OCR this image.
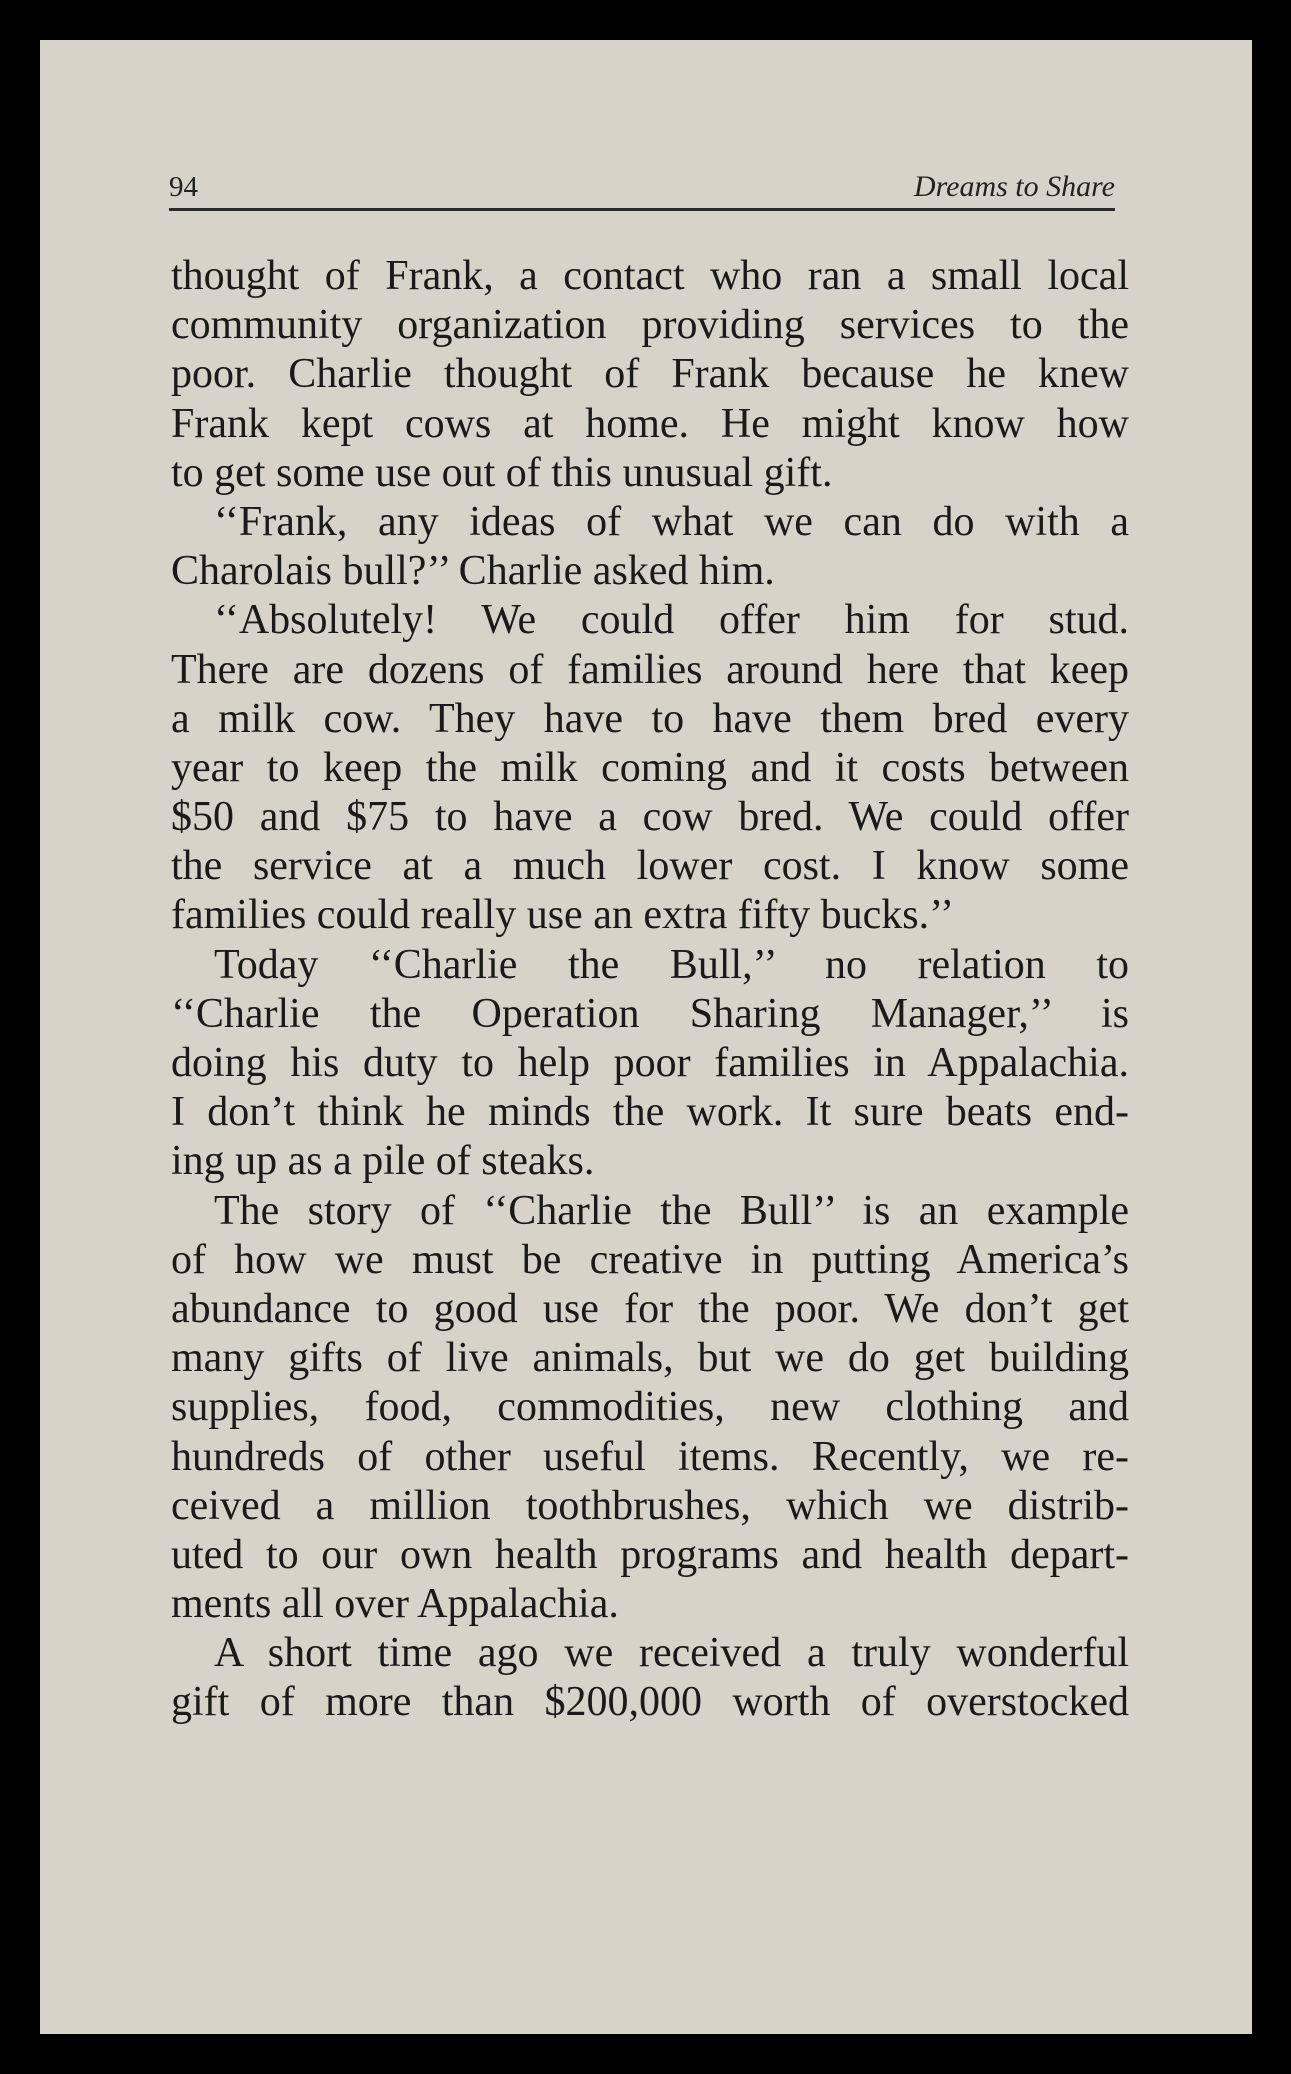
94	Dreams to Share
thought of Frank, a contact who ran a small local
community organization providing services to the
poor. Charlie thought of Frank because he knew
Frank kept cows at home. He might know how
to get some use out of this unusual gift.
‘‘Frank, any ideas of what we can do with a
Charolais bull?’’ Charlie asked him.
‘‘Absolutely! We could offer him for stud.
There are dozens of families around here that keep
a milk cow. They have to have them bred every
year to keep the milk coming and it costs between
$50 and $75 to have a cow bred. We could offer
the service at a much lower cost. I know some
families could really use an extra fifty bucks.’’
Today ‘‘Charlie the Bull,’’ no relation to
‘‘Charlie the Operation Sharing Manager,’’ is
doing his duty to help poor families in Appalachia.
I don’t think he minds the work. It sure beats end-
ing up as a pile of steaks.
The story of ‘‘Charlie the Bull’’ is an example
of how we must be creative in putting America’s
abundance to good use for the poor. We don’t get
many gifts of live animals, but we do get building
supplies, food, commodities, new clothing and
hundreds of other useful items. Recently, we re-
ceived a million toothbrushes, which we distrib-
uted to our own health programs and health depart-
ments all over Appalachia.
A short time ago we received a truly wonderful
gift of more than $200,000 worth of overstocked
